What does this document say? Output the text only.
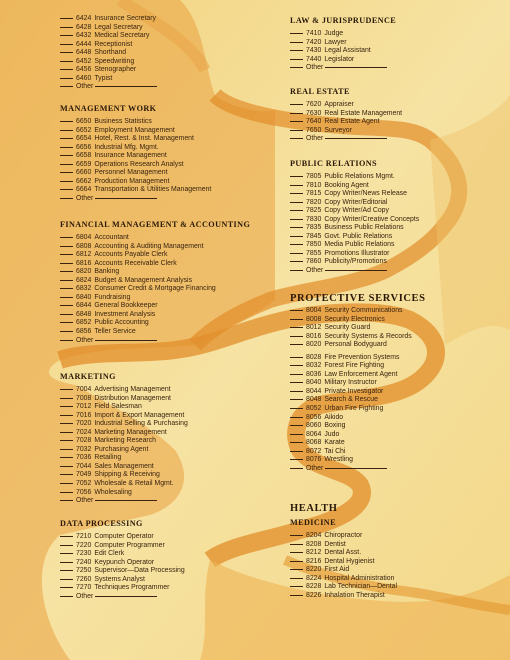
6424 Insurance Secretary
6428 Legal Secretary
6432 Medical Secretary
6444 Receptionist
6448 Shorthand
6452 Speedwriting
6456 Stenographer
6460 Typist
Other
MANAGEMENT WORK
6650 Business Statistics
6652 Employment Management
6654 Hotel, Rest. & Inst. Management
6656 Industrial Mfg. Mgmt.
6658 Insurance Management
6659 Operations Research Analyst
6660 Personnel Management
6662 Production Management
6664 Transportation & Utilities Management
Other
FINANCIAL MANAGEMENT & ACCOUNTING
6804 Accountant
6808 Accounting & Auditing Management
6812 Accounts Payable Clerk
6816 Accounts Receivable Clerk
6820 Banking
6824 Budget & Management Analysis
6832 Consumer Credit & Mortgage Financing
6840 Fundraising
6844 General Bookkeeper
6848 Investment Analysis
6852 Public Accounting
6856 Teller Service
Other
MARKETING
7004 Advertising Management
7008 Distribution Management
7012 Field Salesman
7016 Import & Export Management
7020 Industrial Selling & Purchasing
7024 Marketing Management
7028 Marketing Research
7032 Purchasing Agent
7036 Retailing
7044 Sales Management
7049 Shipping & Receiving
7052 Wholesale & Retail Mgmt.
7056 Wholesaling
Other
DATA PROCESSING
7210 Computer Operator
7220 Computer Programmer
7230 Edit Clerk
7240 Keypunch Operator
7250 Supervisor—Data Processing
7260 Systems Analyst
7270 Techniques Programmer
Other
LAW & JURISPRUDENCE
7410 Judge
7420 Lawyer
7430 Legal Assistant
7440 Legislator
Other
REAL ESTATE
7620 Appraiser
7630 Real Estate Management
7640 Real Estate Agent
7650 Surveyor
Other
PUBLIC RELATIONS
7805 Public Relations Mgmt.
7810 Booking Agent
7815 Copy Writer/News Release
7820 Copy Writer/Editorial
7825 Copy Writer/Ad Copy
7830 Copy Writer/Creative Concepts
7835 Business Public Relations
7845 Govt. Public Relations
7850 Media Public Relations
7855 Promotions Illustrator
7860 Publicity/Promotions
Other
PROTECTIVE SERVICES
8004 Security Communications
8008 Security Electronics
8012 Security Guard
8016 Security Systems & Records
8020 Personal Bodyguard
8028 Fire Prevention Systems
8032 Forest Fire Fighting
8036 Law Enforcement Agent
8040 Military Instructor
8044 Private Investigator
8048 Search & Rescue
8052 Urban Fire Fighting
8056 Aikido
8060 Boxing
8064 Judo
8068 Karate
8072 Tai Chi
8076 Wrestling
Other
HEALTH
MEDICINE
8204 Chiropractor
8208 Dentist
8212 Dental Asst.
8216 Dental Hygienist
8220 First Aid
8224 Hospital Administration
8228 Lab Technician—Dental
8226 Inhalation Therapist
